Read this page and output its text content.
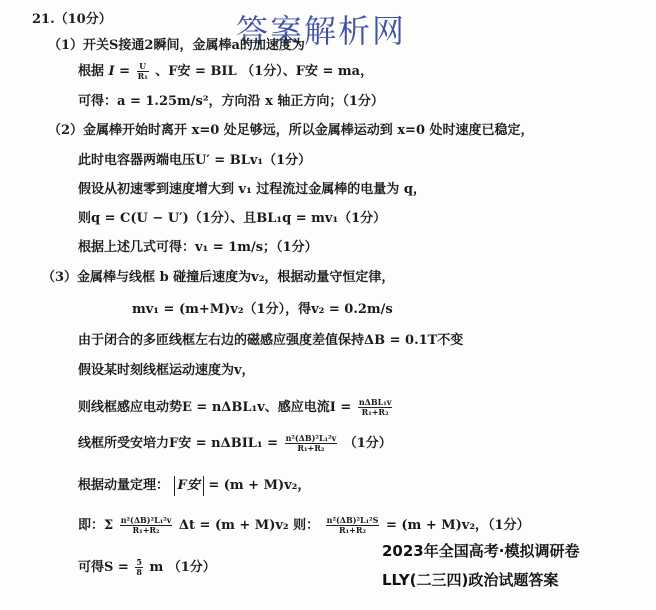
答案解析网
21.（10分）
（1）开关S接通2瞬间，金属棒a的加速度为
根据 $I = \frac{U}{\text{R₁}}$ 、F安 = BIL （1分）、F安 = ma，
可得：a = 1.25m/s²，方向沿 x 轴正方向；（1分）
（2）金属棒开始时离开 x=0 处足够远，所以金属棒运动到 x=0 处时速度已稳定，
此时电容器两端电压U′ = BLv₁（1分）
假设从初速零到速度增大到 v₁ 过程流过金属棒的电量为 q，
则q = C(U − U′)（1分）、且BL₁q = mv₁（1分）
根据上述几式可得：v₁ = 1m/s；（1分）
（3）金属棒与线框 b 碰撞后速度为v₂，根据动量守恒定律，
mv₁ = (m+M)v₂（1分），得v₂ = 0.2m/s
由于闭合的多匝线框左右边的磁感应强度差值保持ΔB = 0.1T不变
假设某时刻线框运动速度为v，
则线框感应电动势E = nΔBL₁v、感应电流$I = \frac{\text{nΔBL₁v}}{\text{R₁+R₂}}$
线框所受安培力F安 = $n\Delta BIL_1 = \frac{\text{n²(ΔB)²L₁²v}}{\text{R₁+R₂}} (1$分）
根据动量定理： F安 = (m + M)v₂，
即：Σ $\frac{\text{n²(ΔB)²L₁²v}}{\text{R₁+R₂}}$ Δt = (m + M)v₂ 则： $\frac{\text{n²(ΔB)²L₁²S}}{\text{R₁+R₂}} = (m + M)v_2$，（1分）
可得$S = \frac{5}{8}$ m （1分）
2023年全国高考·模拟调研卷
LLY(二三四)政治试题答案
